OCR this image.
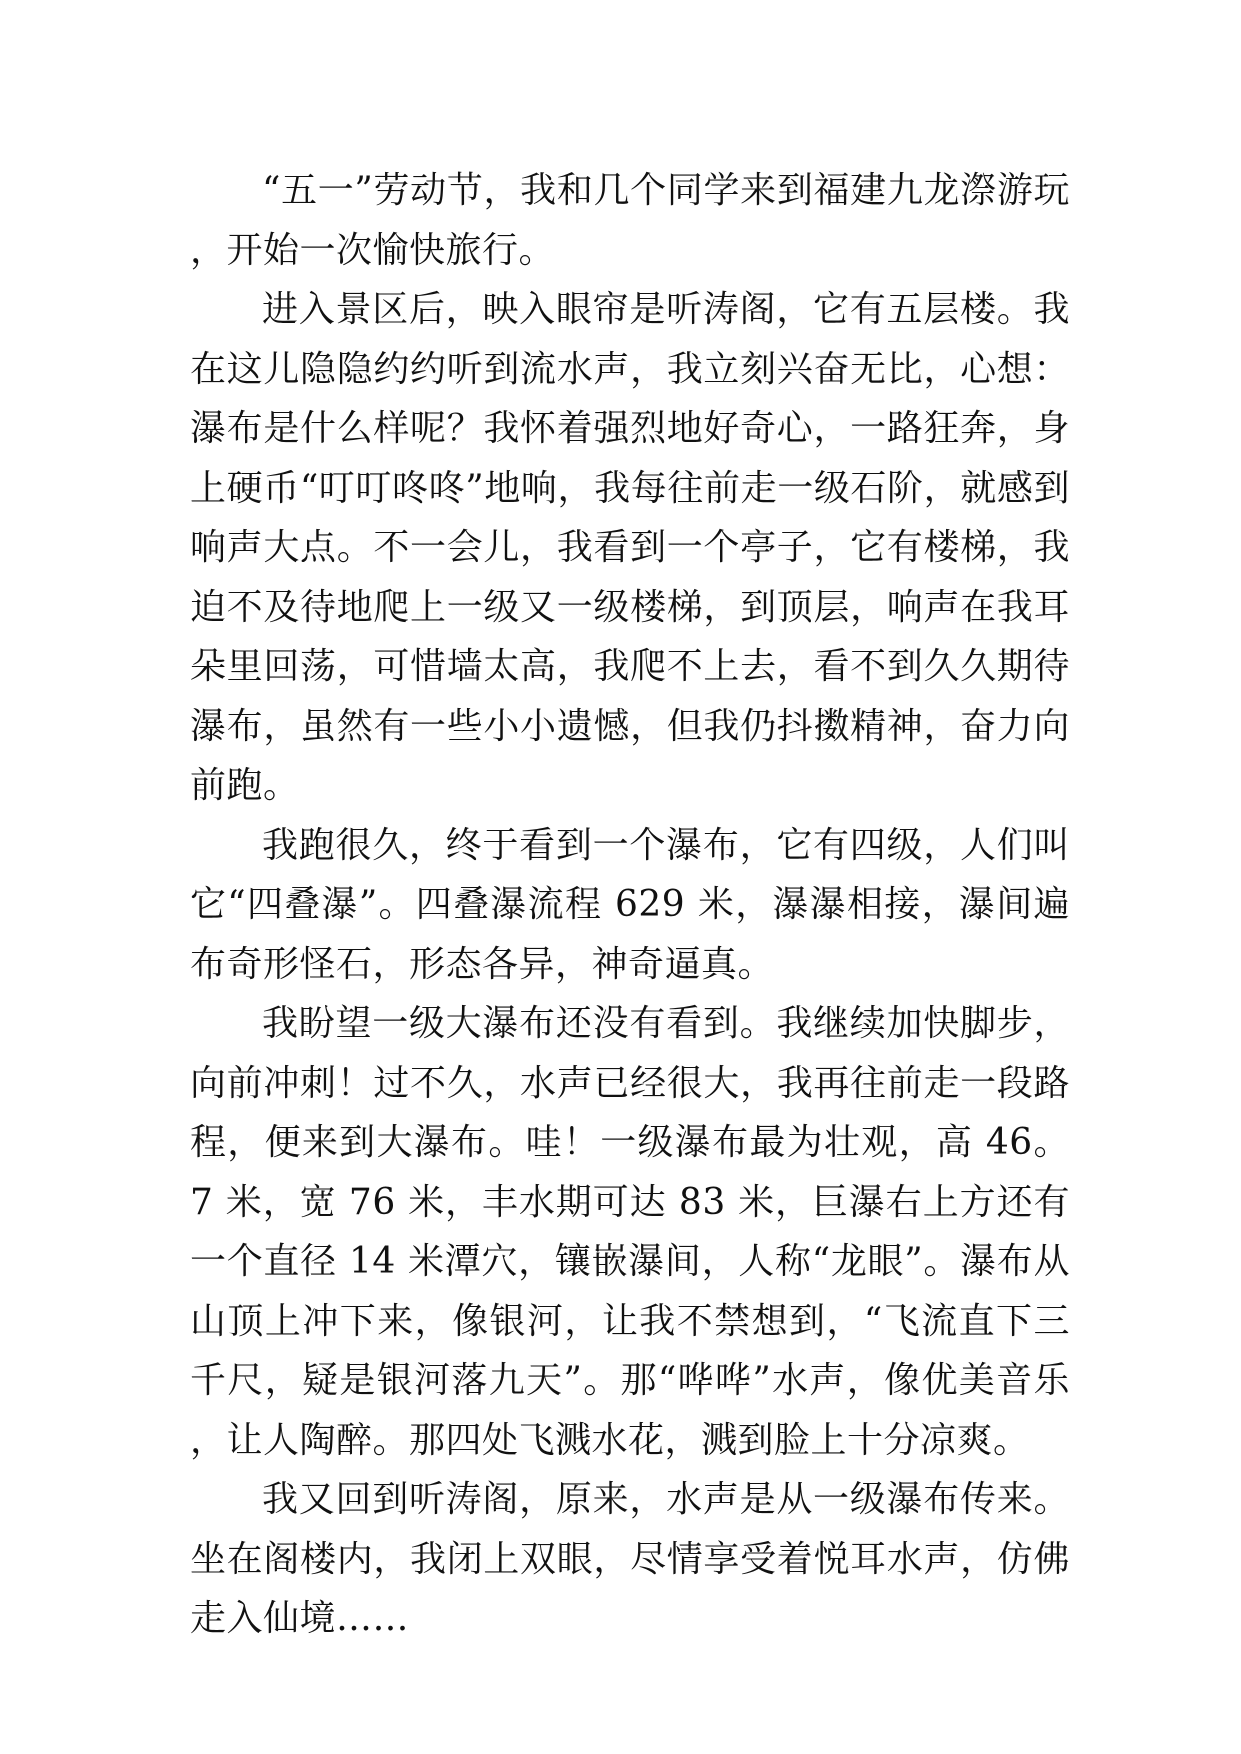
“五一”劳动节，我和几个同学来到福建九龙漈游玩，开始一次愉快旅行。

进入景区后，映入眼帘是听涛阁，它有五层楼。我在这儿隐隐约约听到流水声，我立刻兴奋无比，心想：瀑布是什么样呢？我怀着强烈地好奇心，一路狂奔，身上硬币“叮叮咚咚”地响，我每往前走一级石阶，就感到响声大点。不一会儿，我看到一个亭子，它有楼梯，我迫不及待地爬上一级又一级楼梯，到顶层，响声在我耳朵里回荡，可惜墙太高，我爬不上去，看不到久久期待瀑布，虽然有一些小小遗憾，但我仍抖擞精神，奋力向前跑。

我跑很久，终于看到一个瀑布，它有四级，人们叫它“四叠瀑”。四叠瀑流程 629 米，瀑瀑相接，瀑间遍布奇形怪石，形态各异，神奇逼真。

我盼望一级大瀑布还没有看到。我继续加快脚步，向前冲刺！过不久，水声已经很大，我再往前走一段路程，便来到大瀑布。哇！一级瀑布最为壮观，高 46。7 米，宽 76 米，丰水期可达 83 米，巨瀑右上方还有一个直径 14 米潭穴，镶嵌瀑间，人称“龙眼”。瀑布从山顶上冲下来，像银河，让我不禁想到，“飞流直下三千尺，疑是银河落九天”。那“哗哗”水声，像优美音乐，让人陶醉。那四处飞溅水花，溅到脸上十分凉爽。

我又回到听涛阁，原来，水声是从一级瀑布传来。坐在阁楼内，我闭上双眼，尽情享受着悦耳水声，仿佛走入仙境……
